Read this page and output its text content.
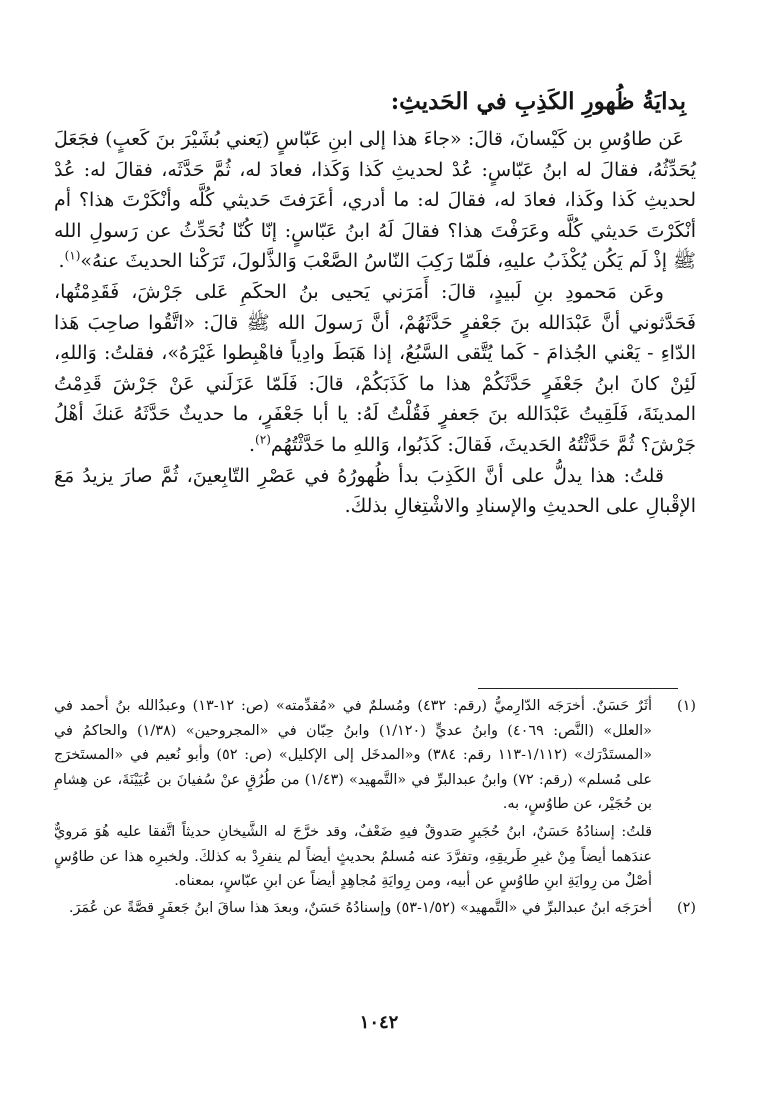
بِدايَةُ ظُهورِ الكَذِبِ في الحَديثِ:

عَن طاوُسِ بن كَيْسانَ، قالَ: «جاءَ هذا إلى ابنِ عَبّاسٍ (يَعني بُشَيْرَ بنَ كَعبٍ) فجَعَلَ يُحَدِّثُهُ، فقالَ له ابنُ عَبّاسٍ: عُدْ لحديثِ كَذا وَكَذا، فعادَ له، ثُمَّ حَدَّثَه، فقالَ له: عُدْ لحديثِ كَذا وكَذا، فعادَ له، فقالَ له: ما أدري، أعَرَفتَ حَديثي كُلَّه وأنْكَرْتَ هذا؟ أم أنْكَرْتَ حَديثي كُلَّه وعَرَفْتَ هذا؟ فقالَ لَهُ ابنُ عَبّاسٍ: إنّا كُنّا نُحَدِّثُ عن رَسولِ الله ﷺ إذْ لَم يَكُن يُكْذَبُ عليهِ، فلَمّا رَكِبَ النّاسُ الصَّعْبَ وَالذَّلولَ، تَرَكْنا الحديثَ عنهُ»$^{(١)}$.

وعَن مَحمودِ بنِ لَبيدٍ، قالَ: أَمَرَني يَحيى بنُ الحكَمِ عَلى جَرْشَ، فَقَدِمْتُها، فَحَدَّثوني أنَّ عَبْدَالله بنَ جَعْفرٍ حَدَّثَهُمْ، أنَّ رَسولَ الله ﷺ قالَ: «اتَّقُوا صاحِبَ هَذا الدّاءِ - يَعْني الجُذامَ - كَما يُتَّقى السَّبُعُ، إذا هَبَطَ وادِياً فاهْبِطوا غَيْرَهُ»، فقلتُ: وَاللهِ، لَئِنْ كانَ ابنُ جَعْفَرٍ حَدَّثَكُمْ هذا ما كَذَبَكُمْ، قالَ: فَلَمّا عَزَلَني عَنْ جَرْشَ قَدِمْتُ المدينَةَ، فَلَقِيتُ عَبْدَالله بنَ جَعفرٍ فَقُلْتُ لَهُ: يا أبا جَعْفَرٍ، ما حديثٌ حَدَّثَهُ عَنكَ أهْلُ جَرْشَ؟ ثُمَّ حَدَّثْتُهُ الحَديثَ، فَقالَ: كَذَبُوا، وَاللهِ ما حَدَّثْتُهُم$^{(٢)}$.

قلتُ: هذا يدلُّ على أنَّ الكَذِبَ بدأ ظُهورُهُ في عَصْرِ التّابِعينَ، ثُمَّ صارَ يزيدُ مَعَ الإقْبالِ على الحديثِ والإسنادِ والاشْتِغالِ بذلكَ.

(١)

أثَرٌ حَسَنٌ. أخرَجَه الدّارِميُّ (رقم: ٤٣٢) ومُسلمٌ في «مُقدِّمته» (ص: ١٢-١٣) وعبدُالله بنُ أحمد في «العلل» (النَّص: ٤٠٦٩) وابنُ عديٍّ (١/١٢٠) وابنُ حِبّان في «المجروحين» (١/٣٨) والحاكمُ في «المستَدْرَك» (١/١١٢-١١٣ رقم: ٣٨٤) و«المدخَل إلى الإكليل» (ص: ٥٢) وأبو نُعيم في «المستَخرَج على مُسلم» (رقم: ٧٢) وابنُ عبدالبرِّ في «التَّمهيد» (١/٤٣) من طُرُقٍ عنْ سُفيانَ بن عُيَيْنَةَ، عن هِشامِ بن حُجَيْر، عن طاوُسٍ، به.

قلتُ: إسنادُهُ حَسَنٌ، ابنُ حُجَيرٍ صَدوقٌ فيهِ ضَعْفٌ، وقد خرَّجَ له الشَّيخانِ حديثاً اتَّفقا عليه هُوَ مَرويٌّ عندَهما أيضاً مِنْ غيرِ طَريقِهِ، وتفرَّدَ عنه مُسلمٌ بحديثٍ أيضاً لم ينفرِدْ به كذلكَ. ولخبرِه هذا عن طاوُسٍ أصْلٌ من رِوايَةِ ابنِ طاوُسٍ عن أبيه، ومن رِوايَةِ مُجاهِدٍ أيضاً عن ابنِ عبّاسٍ، بمعناه.

(٢)

أخرَجَه ابنُ عبدالبرِّ في «التَّمهيد» (١/٥٢-٥٣) وإسنادُهُ حَسَنٌ، وبعدَ هذا ساقَ ابنُ جَعفَرٍ قصَّةً عن عُمَرَ.

١٠٤٢
